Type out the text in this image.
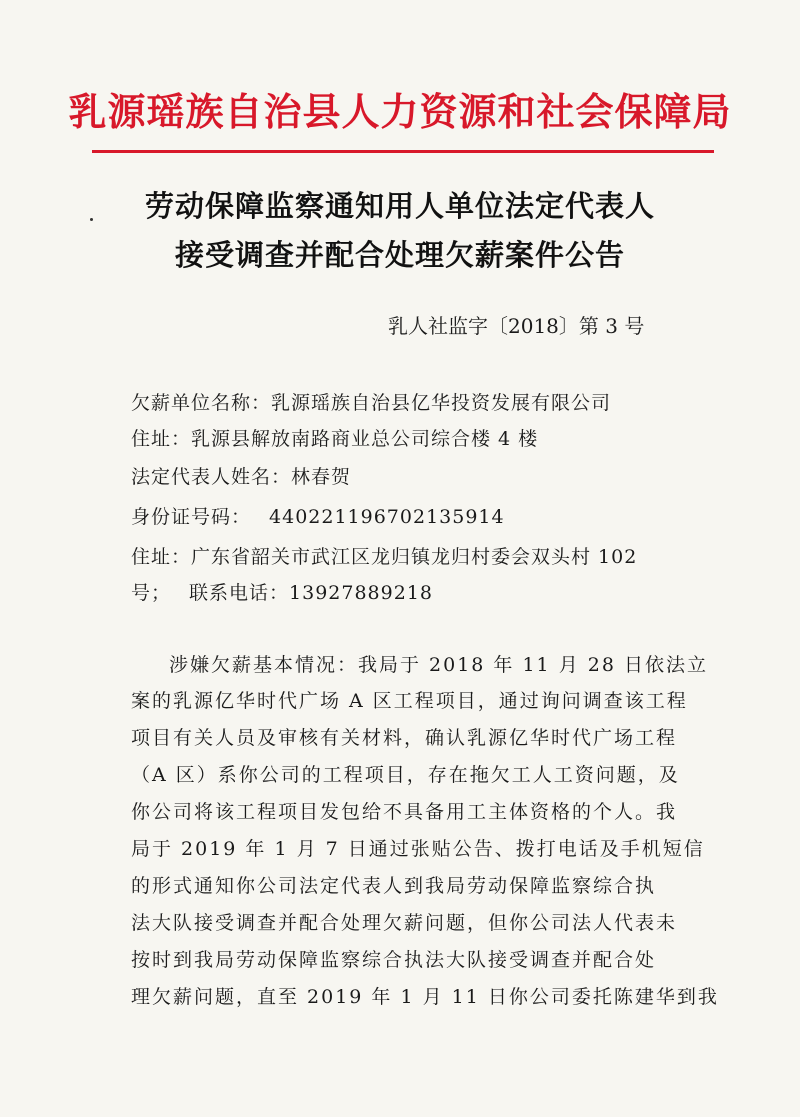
乳源瑶族自治县人力资源和社会保障局
劳动保障监察通知用人单位法定代表人
接受调查并配合处理欠薪案件公告
乳人社监字〔2018〕第 3 号
欠薪单位名称：乳源瑶族自治县亿华投资发展有限公司
住址：乳源县解放南路商业总公司综合楼 4 楼
法定代表人姓名：林春贺
身份证号码： 440221196702135914
住址：广东省韶关市武江区龙归镇龙归村委会双头村 102
号； 联系电话：13927889218
涉嫌欠薪基本情况：我局于 2018 年 11 月 28 日依法立
案的乳源亿华时代广场 A 区工程项目，通过询问调查该工程
项目有关人员及审核有关材料，确认乳源亿华时代广场工程
（A 区）系你公司的工程项目，存在拖欠工人工资问题，及
你公司将该工程项目发包给不具备用工主体资格的个人。我
局于 2019 年 1 月 7 日通过张贴公告、拨打电话及手机短信
的形式通知你公司法定代表人到我局劳动保障监察综合执
法大队接受调查并配合处理欠薪问题，但你公司法人代表未
按时到我局劳动保障监察综合执法大队接受调查并配合处
理欠薪问题，直至 2019 年 1 月 11 日你公司委托陈建华到我
